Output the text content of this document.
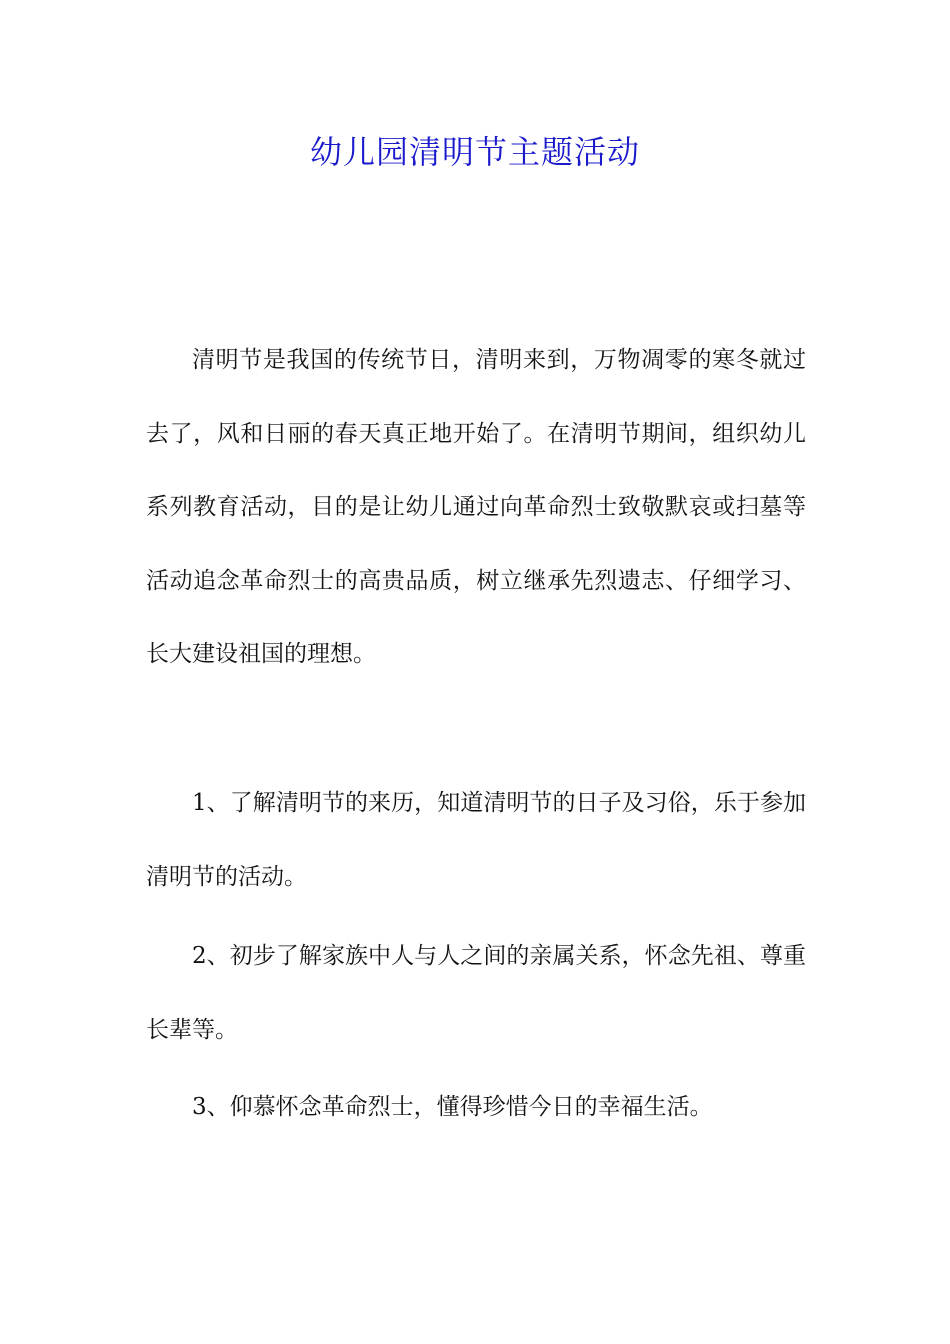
幼儿园清明节主题活动

清明节是我国的传统节日，清明来到，万物凋零的寒冬就过去了，风和日丽的春天真正地开始了。在清明节期间，组织幼儿系列教育活动，目的是让幼儿通过向革命烈士致敬默哀或扫墓等活动追念革命烈士的高贵品质，树立继承先烈遗志、仔细学习、长大建设祖国的理想。

1、了解清明节的来历，知道清明节的日子及习俗，乐于参加清明节的活动。

2、初步了解家族中人与人之间的亲属关系，怀念先祖、尊重长辈等。

3、仰慕怀念革命烈士，懂得珍惜今日的幸福生活。
